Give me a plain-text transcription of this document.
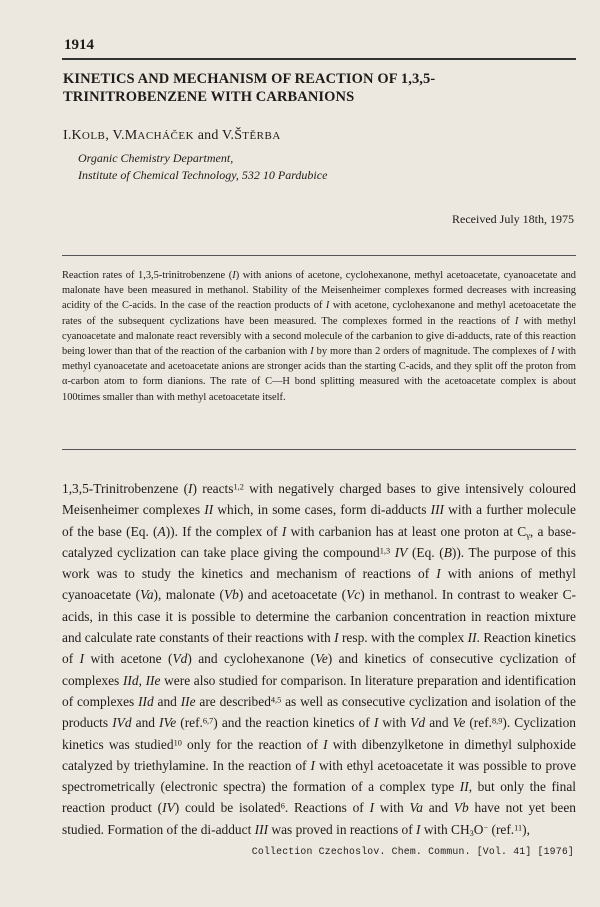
1914
KINETICS AND MECHANISM OF REACTION OF 1,3,5-TRINITROBENZENE WITH CARBANIONS
I.KOLB, V.MACHÁČEK and V.ŠTĚRBA
Organic Chemistry Department,
Institute of Chemical Technology, 532 10 Pardubice
Received July 18th, 1975
Reaction rates of 1,3,5-trinitrobenzene (I) with anions of acetone, cyclohexanone, methyl acetoacetate, cyanoacetate and malonate have been measured in methanol. Stability of the Meisenheimer complexes formed decreases with increasing acidity of the C-acids. In the case of the reaction products of I with acetone, cyclohexanone and methyl acetoacetate the rates of the subsequent cyclizations have been measured. The complexes formed in the reactions of I with methyl cyanoacetate and malonate react reversibly with a second molecule of the carbanion to give di-adducts, rate of this reaction being lower than that of the reaction of the carbanion with I by more than 2 orders of magnitude. The complexes of I with methyl cyanoacetate and acetoacetate anions are stronger acids than the starting C-acids, and they split off the proton from α-carbon atom to form dianions. The rate of C—H bond splitting measured with the acetoacetate complex is about 100times smaller than with methyl acetoacetate itself.

1,3,5-Trinitrobenzene (I) reacts$^{1,2}$ with negatively charged bases to give intensively coloured Meisenheimer complexes II which, in some cases, form di-adducts III with a further molecule of the base (Eq. (A)). If the complex of I with carbanion has at least one proton at $C_\gamma$, a base-catalyzed cyclization can take place giving the compound$^{1,3}$ IV (Eq. (B)). The purpose of this work was to study the kinetics and mechanism of reactions of I with anions of methyl cyanoacetate (Va), malonate (Vb) and acetoacetate (Vc) in methanol. In contrast to weaker C-acids, in this case it is possible to determine the carbanion concentration in reaction mixture and calculate rate constants of their reactions with I resp. with the complex II. Reaction kinetics of I with acetone (Vd) and cyclohexanone (Ve) and kinetics of consecutive cyclization of complexes IId, IIe were also studied for comparison. In literature preparation and identification of complexes IId and IIe are described$^{4,5}$ as well as consecutive cyclization and isolation of the products IVd and IVe (ref.$^{6,7}$) and the reaction kinetics of I with Vd and Ve (ref.$^{8,9}$). Cyclization kinetics was studied$^{10}$ only for the reaction of I with dibenzylketone in dimethyl sulphoxide catalyzed by triethylamine. In the reaction of I with ethyl acetoacetate it was possible to prove spectrometrically (electronic spectra) the formation of a complex type II, but only the final reaction product (IV) could be isolated$^6$. Reactions of I with Va and Vb have not yet been studied. Formation of the di-adduct III was proved in reactions of I with $CH_3O^-$ (ref.$^{11}$),

Collection Czechoslov. Chem. Commun. [Vol. 41] [1976]
